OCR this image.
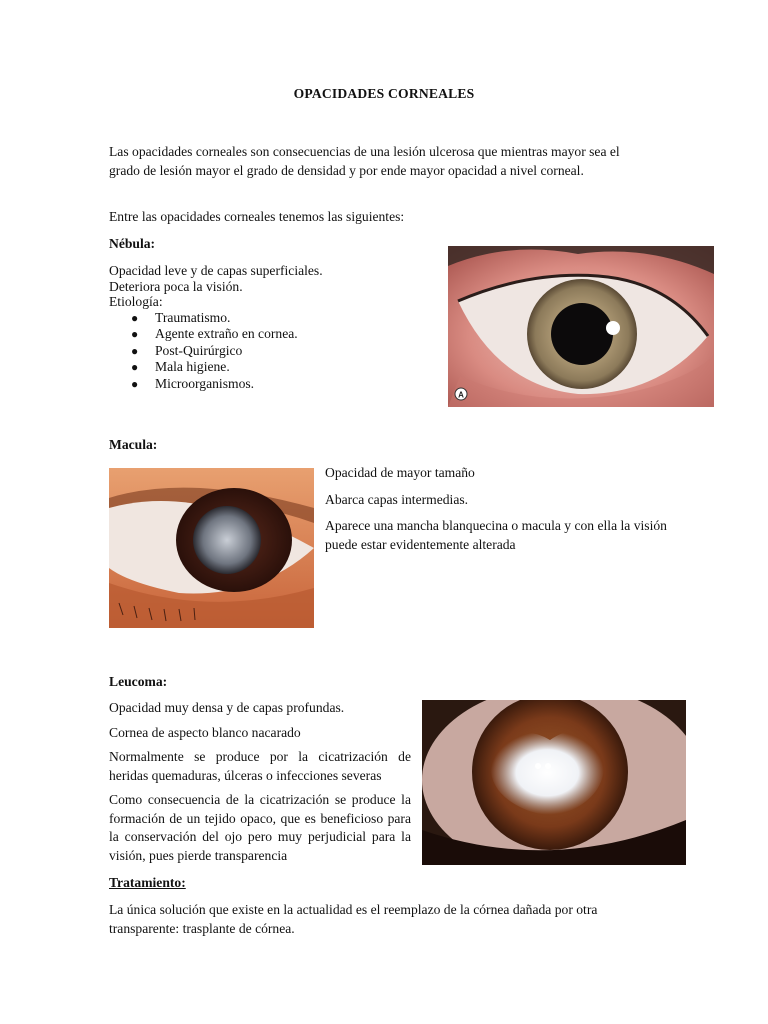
OPACIDADES CORNEALES

Las opacidades corneales son consecuencias de una lesión ulcerosa que mientras mayor sea el grado de lesión mayor el grado de densidad y por ende mayor opacidad a nivel corneal.

Entre las opacidades corneales tenemos las siguientes:

Nébula:
Opacidad leve y de capas superficiales.
Deteriora poca la visión.
Etiología:
● Traumatismo.
● Agente extraño en cornea.
● Post-Quirúrgico
● Mala higiene.
● Microorganismos.
A
Macula:

Opacidad de mayor tamaño

Abarca capas intermedias.

Aparece una mancha blanquecina o macula y con ella la visión puede estar evidentemente alterada

Leucoma:

Opacidad muy densa y de capas profundas.

Cornea de aspecto blanco nacarado

Normalmente se produce por la cicatrización de heridas quemaduras, úlceras o infecciones severas

Como consecuencia de la cicatrización se produce la formación de un tejido opaco, que es beneficioso para la conservación del ojo pero muy perjudicial para la visión, pues pierde transparencia

Tratamiento:

La única solución que existe en la actualidad es el reemplazo de la córnea dañada por otra transparente: trasplante de córnea.
